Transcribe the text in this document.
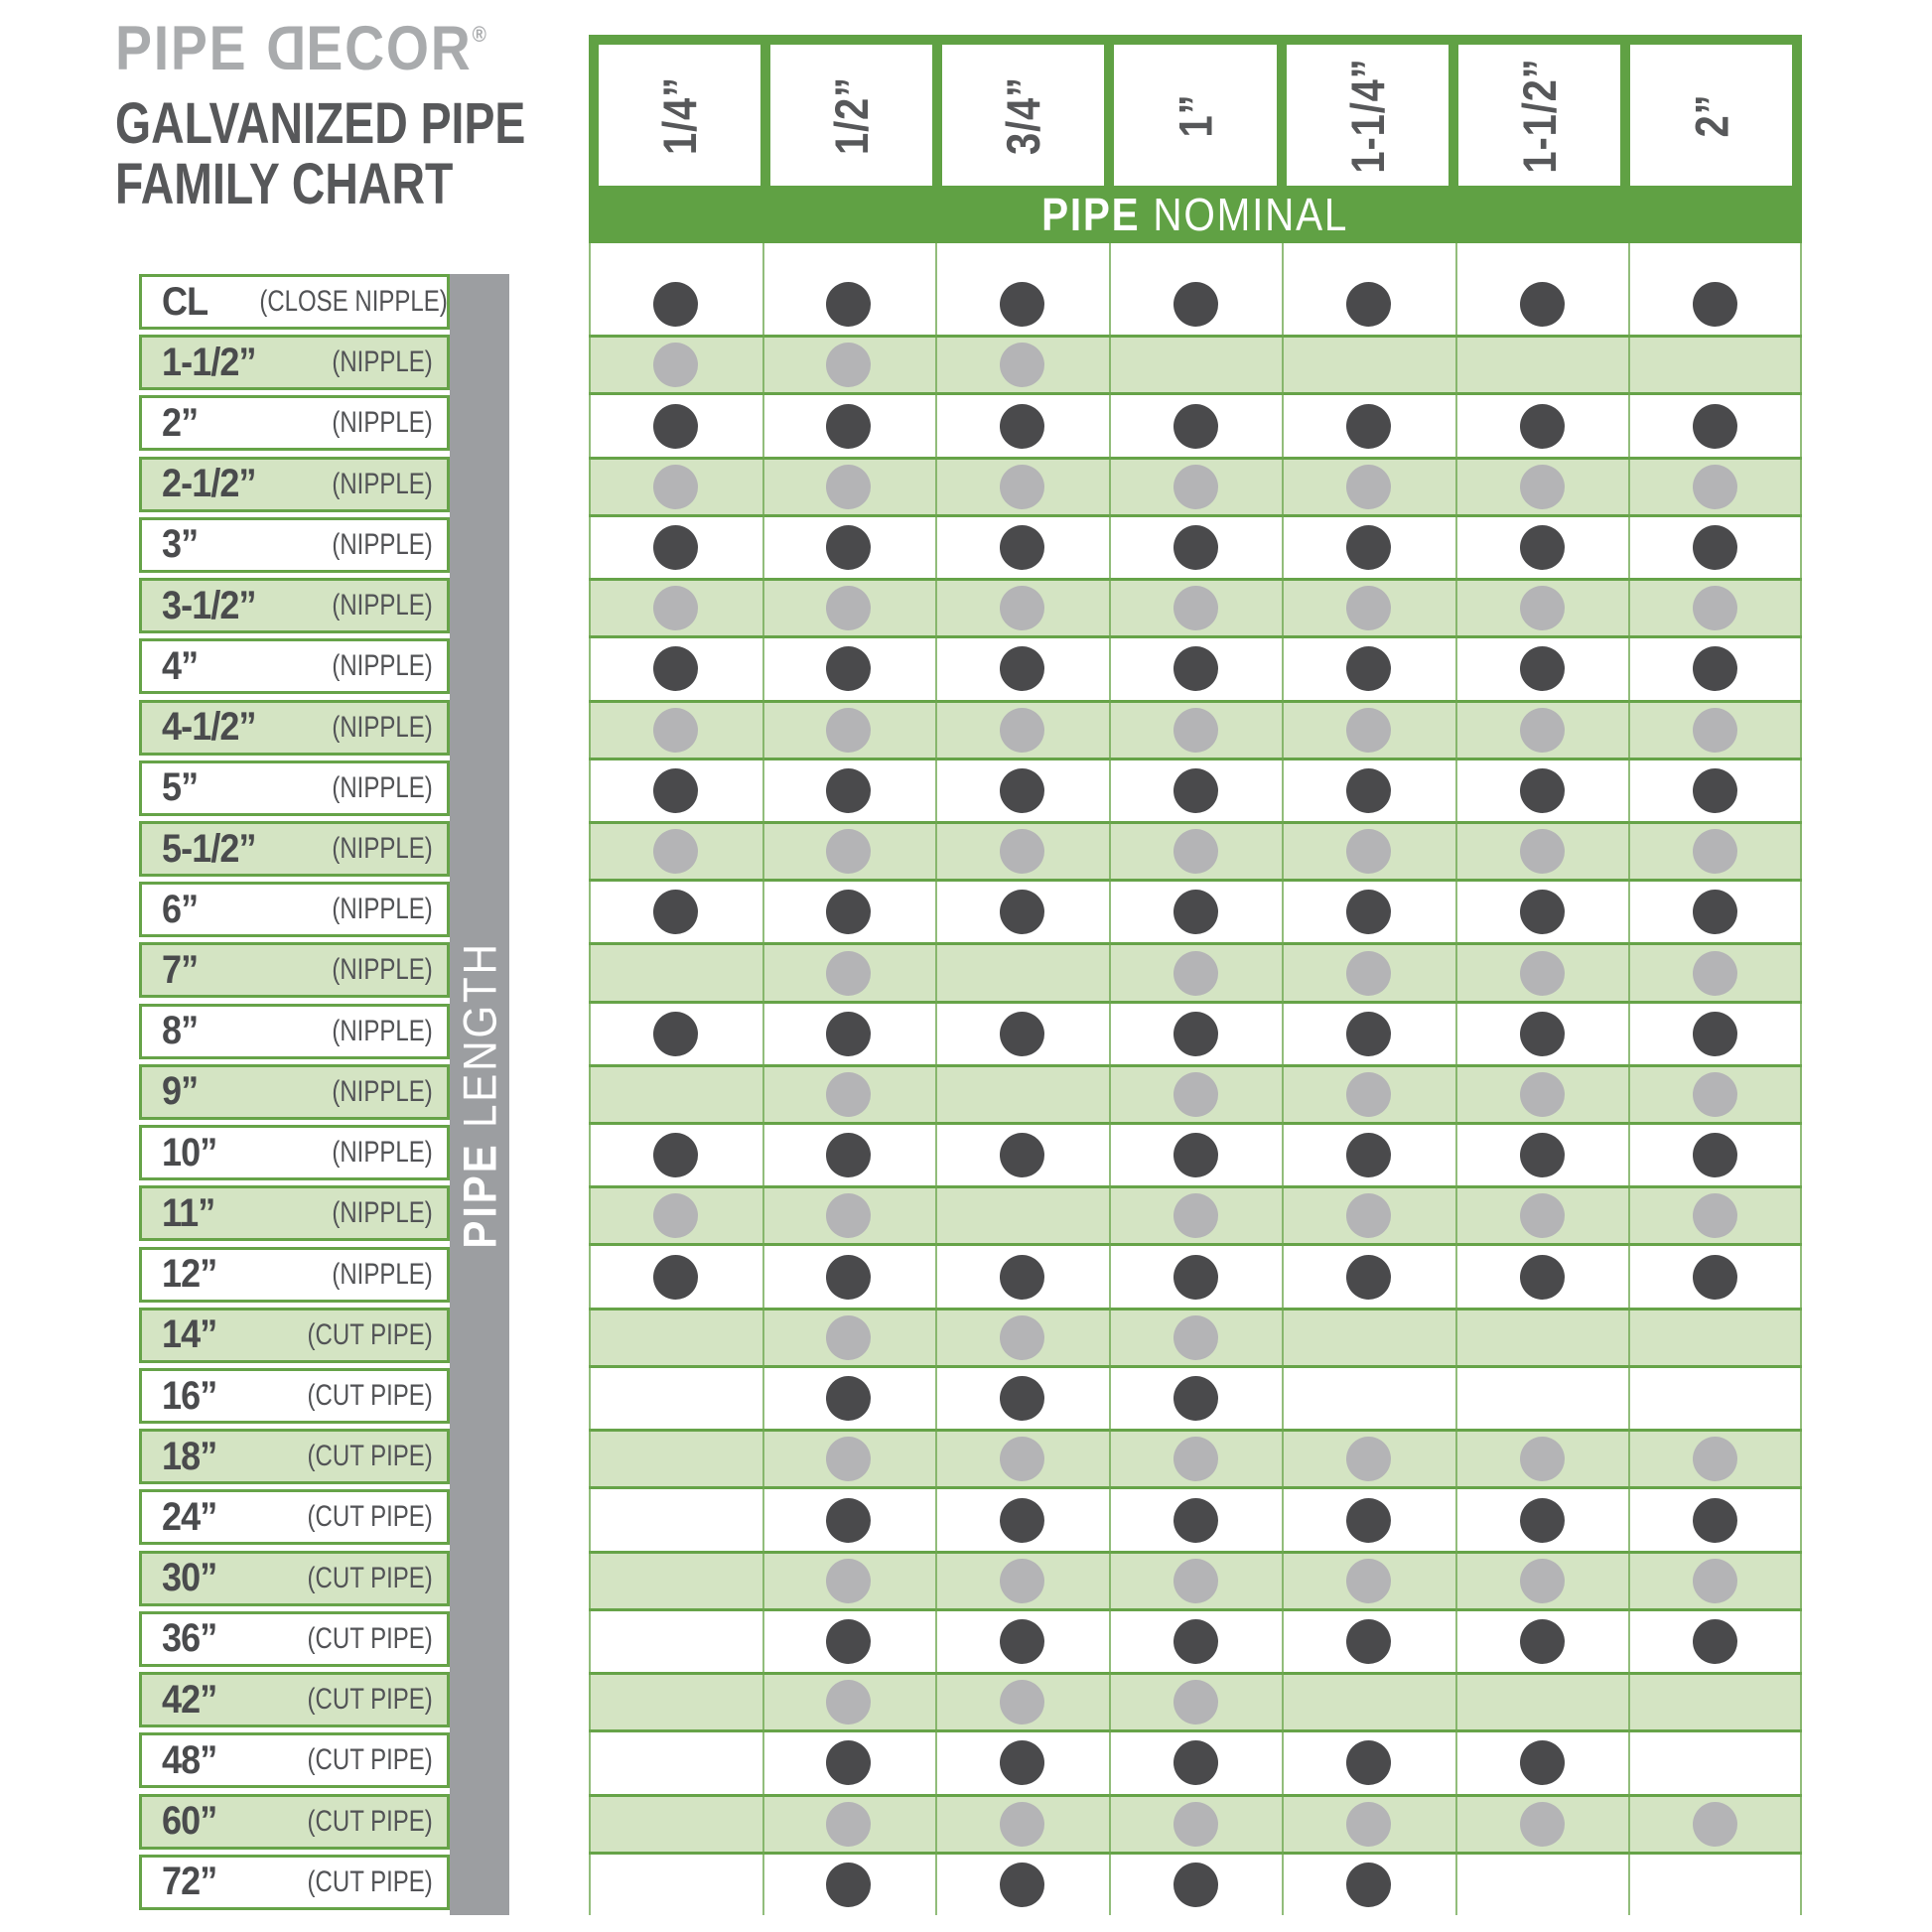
PIPE DECOR®
GALVANIZED PIPE
FAMILY CHART
1/4”	1/2”	3/4”	1”	1-1/4”	1-1/2”	2”
PIPE NOMINAL
CL (CLOSE NIPPLE)
1-1/2”	(NIPPLE)
2”	(NIPPLE)
2-1/2”	(NIPPLE)
3”	(NIPPLE)
3-1/2”	(NIPPLE)
4”	(NIPPLE)
4-1/2”	(NIPPLE)
5”	(NIPPLE)
5-1/2”	(NIPPLE)
6”	(NIPPLE)
7”	(NIPPLE)
8”	(NIPPLE)
9”	(NIPPLE)
10”	(NIPPLE)
11”	(NIPPLE)
12”	(NIPPLE)
14”	(CUT PIPE)
16”	(CUT PIPE)
18”	(CUT PIPE)
24”	(CUT PIPE)
30”	(CUT PIPE)
36”	(CUT PIPE)
42”	(CUT PIPE)
48”	(CUT PIPE)
60”	(CUT PIPE)
72”	(CUT PIPE)
PIPE LENGTH
